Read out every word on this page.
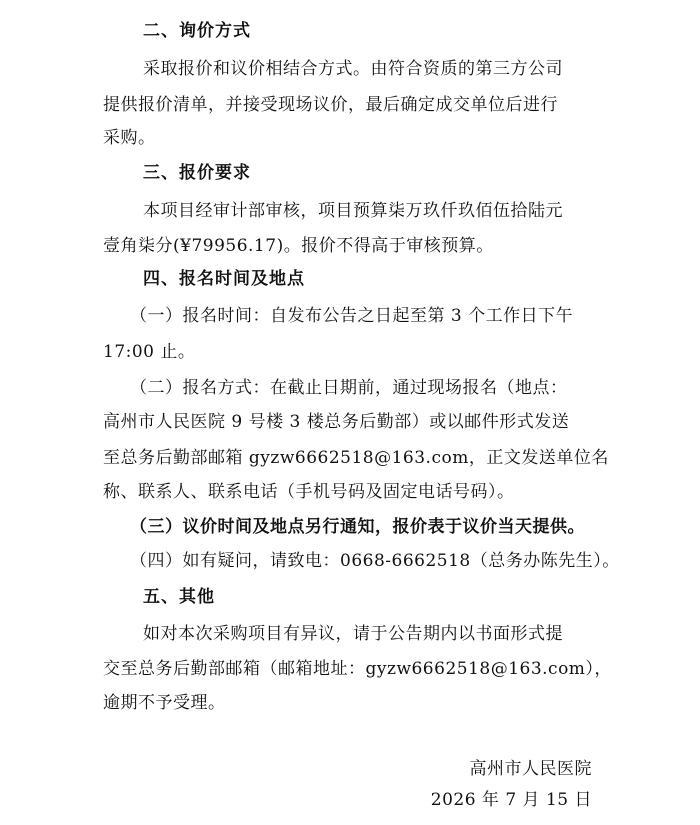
二、询价方式
采取报价和议价相结合方式。由符合资质的第三方公司
提供报价清单，并接受现场议价，最后确定成交单位后进行
采购。
三、报价要求
本项目经审计部审核，项目预算柒万玖仟玖佰伍拾陆元
壹角柒分(¥79956.17)。报价不得高于审核预算。
四、报名时间及地点
（一）报名时间：自发布公告之日起至第 3 个工作日下午
17:00 止。
（二）报名方式：在截止日期前，通过现场报名（地点：
高州市人民医院 9 号楼 3 楼总务后勤部）或以邮件形式发送
至总务后勤部邮箱 gyzw6662518@163.com，正文发送单位名
称、联系人、联系电话（手机号码及固定电话号码）。
（三）议价时间及地点另行通知，报价表于议价当天提供。
（四）如有疑问，请致电：0668-6662518（总务办陈先生）。
五、其他
如对本次采购项目有异议，请于公告期内以书面形式提
交至总务后勤部邮箱（邮箱地址：gyzw6662518@163.com），
逾期不予受理。
高州市人民医院
2026 年 7 月 15 日
